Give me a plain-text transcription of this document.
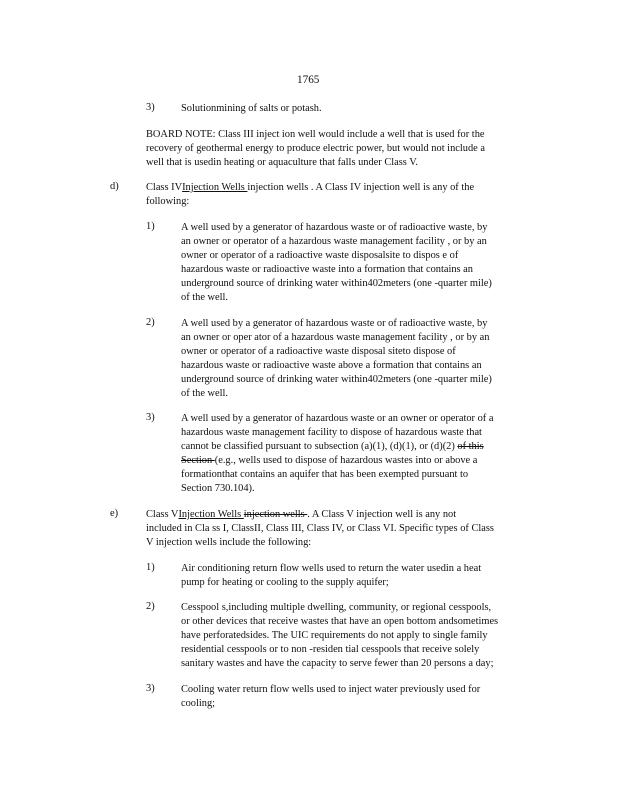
1765
3)	Solutionmining of salts or potash.
BOARD NOTE: Class III inject ion well would include a well that is used for the
recovery of geothermal energy to produce electric power, but would not include a
well that is usedin heating or aquaculture that falls under Class V.
d)	Class IVInjection Wells injection wells . A Class IV injection well is any of the
following:
1)	A well used by a generator of hazardous waste or of radioactive waste, by
an owner or operator of a hazardous waste management facility , or by an
owner or operator of a radioactive waste disposalsite to dispos e of
hazardous waste or radioactive waste into a formation that contains an
underground source of drinking water within402meters (one -quarter mile)
of the well.
2)	A well used by a generator of hazardous waste or of radioactive waste, by
an owner or oper ator of a hazardous waste management facility , or by an
owner or operator of a radioactive waste disposal siteto dispose of
hazardous waste or radioactive waste above a formation that contains an
underground source of drinking water within402meters (one -quarter mile)
of the well.
3)	A well used by a generator of hazardous waste or an owner or operator of a
hazardous waste management facility to dispose of hazardous waste that
cannot be classified pursuant to subsection (a)(1), (d)(1), or (d)(2) of this
Section (e.g., wells used to dispose of hazardous wastes into or above a
formationthat contains an aquifer that has been exempted pursuant to
Section 730.104).
e)	Class VInjection Wells injection wells . A Class V injection well is any not
included in Cla ss I, ClassII, Class III, Class IV, or Class VI. Specific types of Class
V injection wells include the following:
1)	Air conditioning return flow wells used to return the water usedin a heat
pump for heating or cooling to the supply aquifer;
2)	Cesspool s,including multiple dwelling, community, or regional cesspools,
or other devices that receive wastes that have an open bottom andsometimes
have perforatedsides. The UIC requirements do not apply to single family
residential cesspools or to non -residen tial cesspools that receive solely
sanitary wastes and have the capacity to serve fewer than 20 persons a day;
3)	Cooling water return flow wells used to inject water previously used for
cooling;
